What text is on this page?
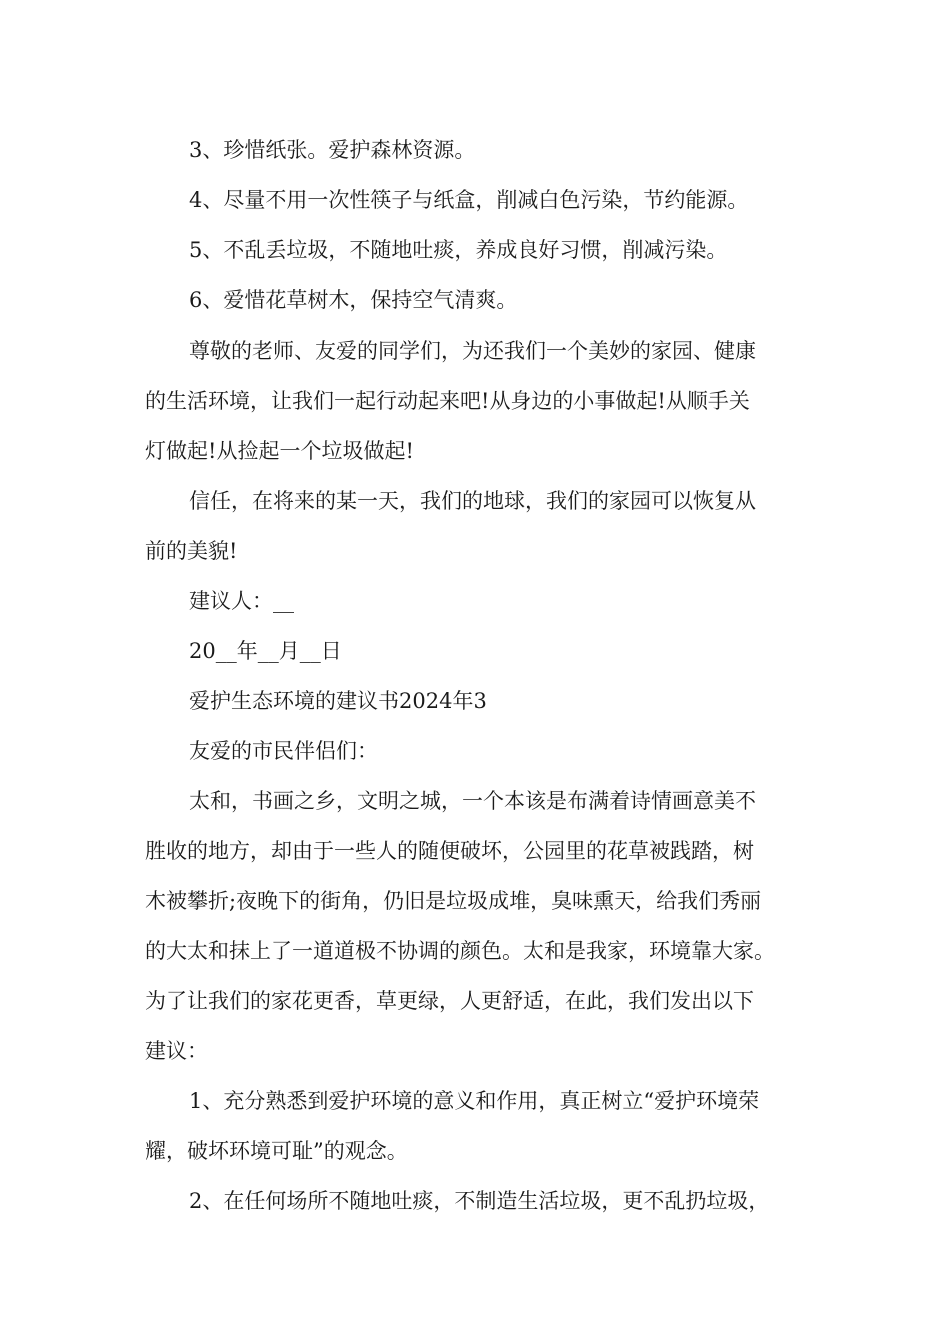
3、珍惜纸张。爱护森林资源。

4、尽量不用一次性筷子与纸盒，削减白色污染，节约能源。

5、不乱丢垃圾，不随地吐痰，养成良好习惯，削减污染。

6、爱惜花草树木，保持空气清爽。

尊敬的老师、友爱的同学们，为还我们一个美妙的家园、健康

的生活环境，让我们一起行动起来吧!从身边的小事做起!从顺手关

灯做起!从捡起一个垃圾做起!

信任，在将来的某一天，我们的地球，我们的家园可以恢复从

前的美貌!

建议人：__

20__年__月__日

爱护生态环境的建议书2024年3

友爱的市民伴侣们：

太和，书画之乡，文明之城，一个本该是布满着诗情画意美不

胜收的地方，却由于一些人的随便破坏，公园里的花草被践踏，树

木被攀折;夜晚下的街角，仍旧是垃圾成堆，臭味熏天，给我们秀丽

的大太和抹上了一道道极不协调的颜色。太和是我家，环境靠大家。

为了让我们的家花更香，草更绿，人更舒适，在此，我们发出以下

建议：

1、充分熟悉到爱护环境的意义和作用，真正树立“爱护环境荣

耀，破坏环境可耻”的观念。

2、在任何场所不随地吐痰，不制造生活垃圾，更不乱扔垃圾，
